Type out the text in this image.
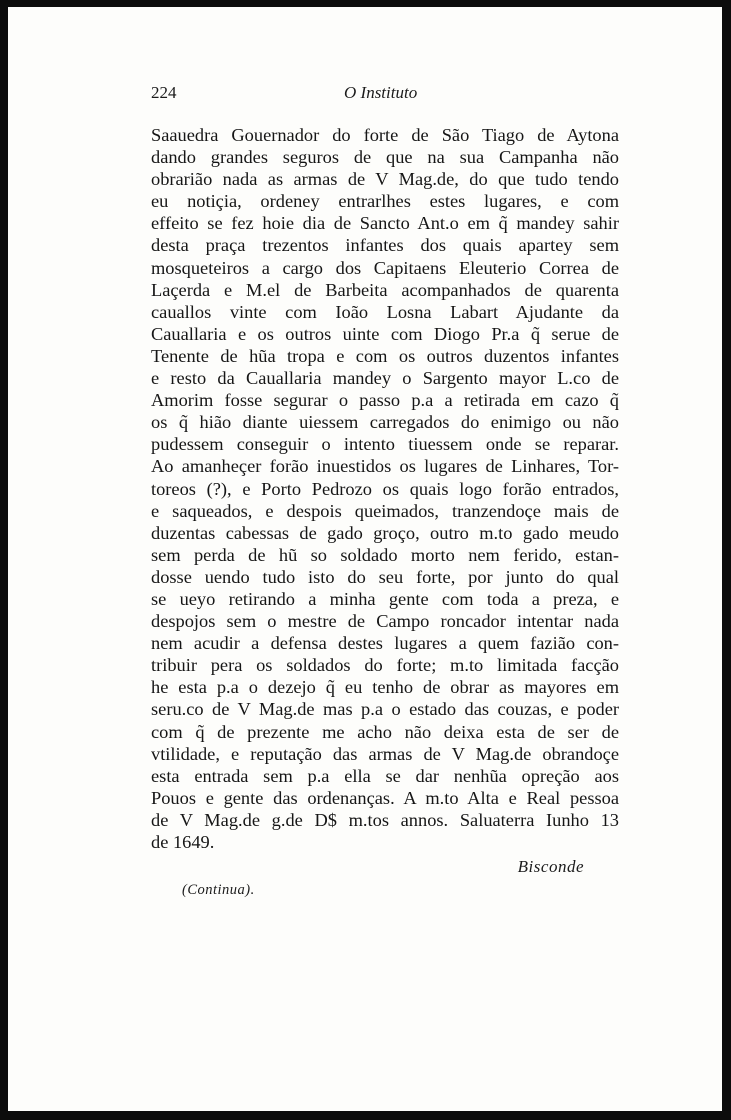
224	O Instituto
Saauedra Gouernador do forte de São Tiago de Aytona
dando grandes seguros de que na sua Campanha não
obrarião nada as armas de V Mag.de, do que tudo tendo
eu notiçia, ordeney entrarlhes estes lugares, e com
effeito se fez hoie dia de Sancto Ant.o em q̃ mandey sahir
desta praça trezentos infantes dos quais apartey sem
mosqueteiros a cargo dos Capitaens Eleuterio Correa de
Laçerda e M.el de Barbeita acompanhados de quarenta
cauallos vinte com Ioão Losna Labart Ajudante da
Cauallaria e os outros uinte com Diogo Pr.a q̃ serue de
Tenente de hũa tropa e com os outros duzentos infantes
e resto da Cauallaria mandey o Sargento mayor L.co de
Amorim fosse segurar o passo p.a a retirada em cazo q̃
os q̃ hião diante uiessem carregados do enimigo ou não
pudessem conseguir o intento tiuessem onde se reparar.
Ao amanheçer forão inuestidos os lugares de Linhares, Tor-
toreos (?), e Porto Pedrozo os quais logo forão entrados,
e saqueados, e despois queimados, tranzendoçe mais de
duzentas cabessas de gado groço, outro m.to gado meudo
sem perda de hũ so soldado morto nem ferido, estan-
dosse uendo tudo isto do seu forte, por junto do qual
se ueyo retirando a minha gente com toda a preza, e
despojos sem o mestre de Campo roncador intentar nada
nem acudir a defensa destes lugares a quem fazião con-
tribuir pera os soldados do forte; m.to limitada facção
he esta p.a o dezejo q̃ eu tenho de obrar as mayores em
seru.co de V Mag.de mas p.a o estado das couzas, e poder
com q̃ de prezente me acho não deixa esta de ser de
vtilidade, e reputação das armas de V Mag.de obrandoçe
esta entrada sem p.a ella se dar nenhũa opreção aos
Pouos e gente das ordenanças. A m.to Alta e Real pessoa
de V Mag.de g.de D$ m.tos annos. Saluaterra Iunho 13
de 1649.
Bisconde
(Continua).
